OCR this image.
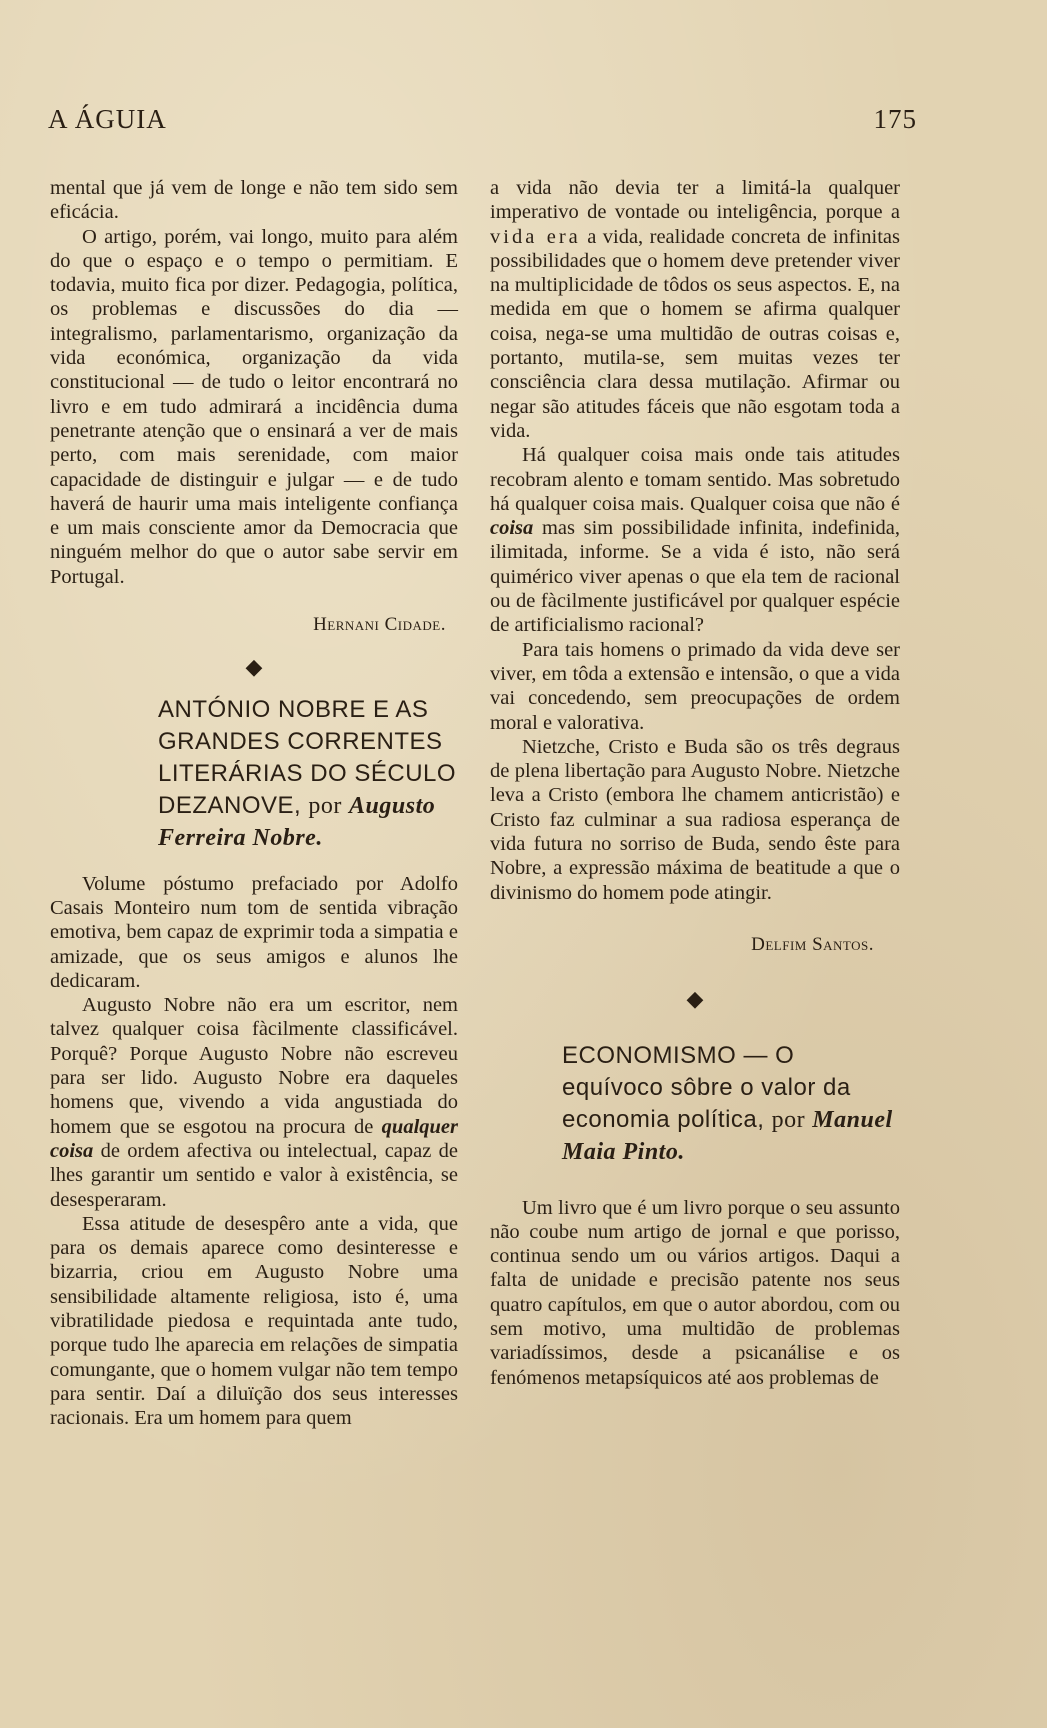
A ÁGUIA	175

mental que já vem de longe e não tem sido sem eficácia.

O artigo, porém, vai longo, muito para além do que o espaço e o tempo o permitiam. E todavia, muito fica por dizer. Pedagogia, política, os problemas e discussões do dia — integralismo, parlamentarismo, organização da vida económica, organização da vida constitucional — de tudo o leitor encontrará no livro e em tudo admirará a incidência duma penetrante atenção que o ensinará a ver de mais perto, com mais serenidade, com maior capacidade de distinguir e julgar — e de tudo haverá de haurir uma mais inteligente confiança e um mais consciente amor da Democracia que ninguém melhor do que o autor sabe servir em Portugal.

Hernani Cidade.
◆
ANTÓNIO NOBRE E AS GRANDES CORRENTES LITERÁRIAS DO SÉCULO DEZANOVE, por Augusto Ferreira Nobre.

Volume póstumo prefaciado por Adolfo Casais Monteiro num tom de sentida vibração emotiva, bem capaz de exprimir toda a simpatia e amizade, que os seus amigos e alunos lhe dedicaram.

Augusto Nobre não era um escritor, nem talvez qualquer coisa fàcilmente classificável. Porquê? Porque Augusto Nobre não escreveu para ser lido. Augusto Nobre era daqueles homens que, vivendo a vida angustiada do homem que se esgotou na procura de qualquer coisa de ordem afectiva ou intelectual, capaz de lhes garantir um sentido e valor à existência, se desesperaram.

Essa atitude de desespêro ante a vida, que para os demais aparece como desinteresse e bizarria, criou em Augusto Nobre uma sensibilidade altamente religiosa, isto é, uma vibratilidade piedosa e requintada ante tudo, porque tudo lhe aparecia em relações de simpatia comungante, que o homem vulgar não tem tempo para sentir. Daí a diluïção dos seus interesses racionais. Era um homem para quem

a vida não devia ter a limitá-la qualquer imperativo de vontade ou inteligência, porque a vida era a vida, realidade concreta de infinitas possibilidades que o homem deve pretender viver na multiplicidade de tôdos os seus aspectos. E, na medida em que o homem se afirma qualquer coisa, nega-se uma multidão de outras coisas e, portanto, mutila-se, sem muitas vezes ter consciência clara dessa mutilação. Afirmar ou negar são atitudes fáceis que não esgotam toda a vida.

Há qualquer coisa mais onde tais atitudes recobram alento e tomam sentido. Mas sobretudo há qualquer coisa mais. Qualquer coisa que não é coisa mas sim possibilidade infinita, indefinida, ilimitada, informe. Se a vida é isto, não será quimérico viver apenas o que ela tem de racional ou de fàcilmente justificável por qualquer espécie de artificialismo racional?

Para tais homens o primado da vida deve ser viver, em tôda a extensão e intensão, o que a vida vai concedendo, sem preocupações de ordem moral e valorativa.

Nietzche, Cristo e Buda são os três degraus de plena libertação para Augusto Nobre. Nietzche leva a Cristo (embora lhe chamem anticristão) e Cristo faz culminar a sua radiosa esperança de vida futura no sorriso de Buda, sendo êste para Nobre, a expressão máxima de beatitude a que o divinismo do homem pode atingir.

Delfim Santos.
◆
ECONOMISMO — O equívoco sôbre o valor da economia política, por Manuel Maia Pinto.

Um livro que é um livro porque o seu assunto não coube num artigo de jornal e que porisso, continua sendo um ou vários artigos. Daqui a falta de unidade e precisão patente nos seus quatro capítulos, em que o autor abordou, com ou sem motivo, uma multidão de problemas variadíssimos, desde a psicanálise e os fenómenos metapsíquicos até aos problemas de
